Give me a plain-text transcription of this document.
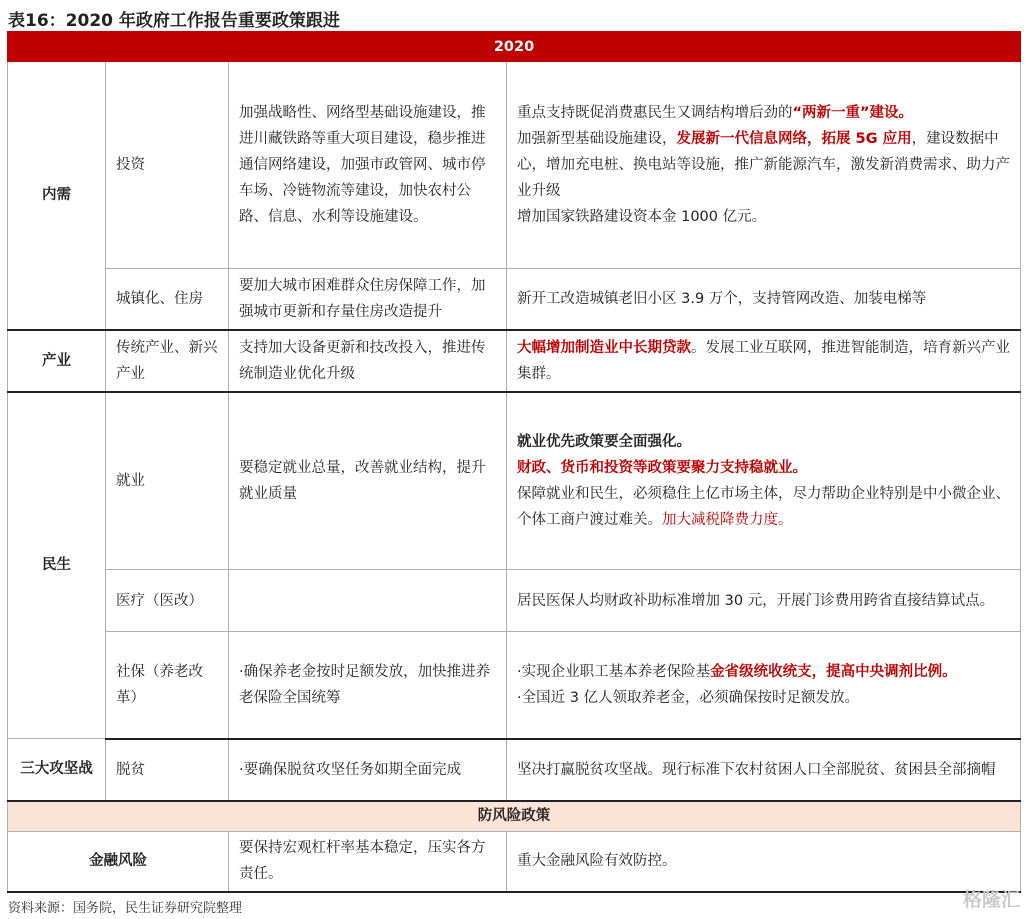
表16：2020 年政府工作报告重要政策跟进
2020			
内需	投资	加强战略性、网络型基础设施建设，推进川藏铁路等重大项目建设，稳步推进通信网络建设，加强市政管网、城市停车场、冷链物流等建设，加快农村公路、信息、水利等设施建设。	重点支持既促消费惠民生又调结构增后劲的“两新一重”建设。
加强新型基础设施建设，发展新一代信息网络，拓展 5G 应用，建设数据中心，增加充电桩、换电站等设施，推广新能源汽车，激发新消费需求、助力产业升级
增加国家铁路建设资本金 1000 亿元。

	城镇化、住房	要加大城市困难群众住房保障工作，加强城市更新和存量住房改造提升	新开工改造城镇老旧小区 3.9 万个，支持管网改造、加装电梯等
产业	传统产业、新兴产业	支持加大设备更新和技改投入，推进传统制造业优化升级	大幅增加制造业中长期贷款。发展工业互联网，推进智能制造，培育新兴产业集群。
民生	就业	要稳定就业总量，改善就业结构，提升就业质量	就业优先政策要全面强化。
财政、货币和投资等政策要聚力支持稳就业。
保障就业和民生，必须稳住上亿市场主体，尽力帮助企业特别是中小微企业、个体工商户渡过难关。加大减税降费力度。

	医疗（医改）		居民医保人均财政补助标准增加 30 元，开展门诊费用跨省直接结算试点。
	社保（养老改革）	·确保养老金按时足额发放，加快推进养老保险全国统筹	·实现企业职工基本养老保险基金省级统收统支，提高中央调剂比例。
·全国近 3 亿人领取养老金，必须确保按时足额发放。

三大攻坚战	脱贫	·要确保脱贫攻坚任务如期全面完成	坚决打赢脱贫攻坚战。现行标准下农村贫困人口全部脱贫、贫困县全部摘帽
防风险政策			
金融风险		要保持宏观杠杆率基本稳定，压实各方责任。	重大金融风险有效防控。
资料来源：国务院，民生证券研究院整理	格隆汇
